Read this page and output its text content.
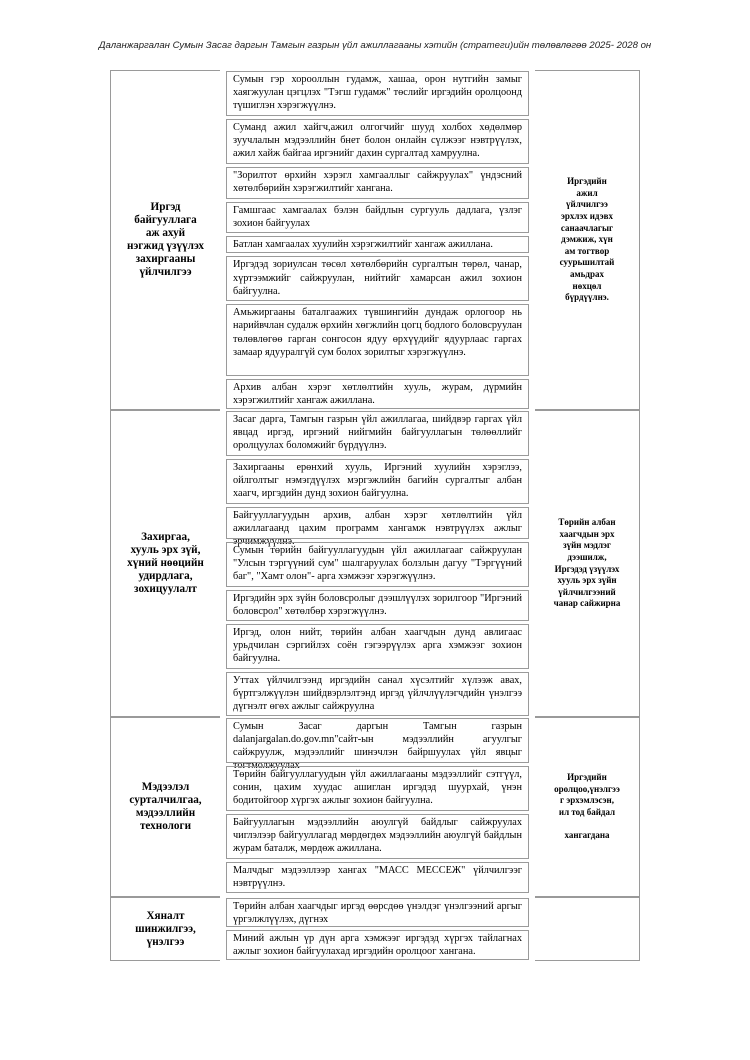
Даланжаргалан Сумын Засаг даргын Тамгын газрын үйл ажиллагааны хэтийн (стратеги)ийн төлөвлөгөө 2025- 2028 он
Иргэд
байгууллага
аж ахуй
нэгжид үзүүлэх
захиргааны
үйлчилгээ
Сумын гэр хорооллын гудамж, хашаа, орон нутгийн замыг хаягжуулан цэгцлэх "Тэгш гудамж" төслийг иргэдийн оролцоонд түшиглэн хэрэгжүүлнэ.
Суманд ажил хайгч,ажил олгогчийг шууд холбох хөдөлмөр зуучлалын мэдээллийн бнет болон онлайн сүлжээг нэвтрүүлэх, ажил хайж байгаа иргэнийг дахин сургалтад хамруулна.
"Зорилтот өрхийн хэрэгл хамгааллыг сайжруулах" үндэсний хөтөлбөрийн хэрэгжилтийг хангана.
Гамшгаас хамгаалах бэлэн байдлын сургууль дадлага, үзлэг зохион байгуулах
Батлан хамгаалах хуулийн хэрэгжилтийг хангаж ажиллана.
Иргэдэд зориулсан төсөл хөтөлбөрийн сургалтын төрөл, чанар, хүртээмжийг сайжруулан, нийтийг хамарсан ажил зохион байгуулна.
Амьжиргааны баталгаажих түвшингийн дундаж орлогоор нь нарийвчлан судалж өрхийн хөгжлийн цогц бодлого боловсруулан төлөвлөгөө гарган сонгосон ядуу өрхүүдийг ядуурлаас гаргах замаар ядууралгүй сум болох зорилтыг хэрэгжүүлнэ.
Архив албан хэрэг хөтлөлтийн хууль, журам, дүрмийн хэрэгжилтийг хангаж ажиллана.
Иргэдийн
ажил
үйлчилгээ
эрхлэх идэвх
санаачлагыг
дэмжиж, хүн
ам тогтвор
суурьшилтай
амьдрах
нөхцөл
бүрдүүлнэ.
Захиргаа,
хууль эрх зүй,
хүний нөөцийн
удирдлага,
зохицуулалт
Засаг дарга, Тамгын газрын үйл ажиллагаа, шийдвэр гаргах үйл явцад иргэд, иргэний нийгмийн байгууллагын төлөөллийг оролцуулах боломжийг бүрдүүлнэ.
Захиргааны ерөнхий хууль, Иргэний хуулийн хэрэглээ, ойлголтыг нэмэгдүүлэх мэргэжлийн багийн сургалтыг албан хаагч, иргэдийн дунд зохион байгуулна.
Байгууллагуудын архив, албан хэрэг хөтлөлтийн үйл ажиллагаанд цахим программ хангамж нэвтрүүлэх ажлыг эрчимжүүлнэ.
Сумын төрийн байгууллагуудын үйл ажиллагааг сайжруулан "Улсын тэргүүний сум" шалгаруулах болзлын дагуу "Тэргүүний баг", "Хамт олон"- арга хэмжээг хэрэгжүүлнэ.
Иргэдийн эрх зүйн боловсролыг дээшлүүлэх зорилгоор "Иргэний боловсрол" хөтөлбөр хэрэгжүүлнэ.
Иргэд, олон нийт, төрийн албан хаагчдын дунд авлигаас урьдчилан сэргийлэх соён гэгээрүүлэх арга хэмжээг зохион байгуулна.
Уттах үйлчилгээнд иргэдийн санал хүсэлтийг хүлээж авах, бүртгэлжүүлэн шийдвэрлэлтэнд иргэд үйлчлүүлэгчдийн үнэлгээ дүгнэлт өгөх ажлыг сайжруулна
Төрийн албан
хаагчдын эрх
зүйн мэдлэг
дээшилж,
Иргэдэд үзүүлэх
хууль эрх зүйн
үйлчилгээний
чанар сайжирна
Мэдээлэл
сурталчилгаа,
мэдээллийн
технологи
Сумын Засаг даргын Тамгын газрын dalanjargalan.do.gov.mn"сайт-ын мэдээллийн агуулгыг сайжруулж, мэдээллийг шинэчлэн байршуулах үйл явцыг тогтмолжуулах
Төрийн байгууллагуудын үйл ажиллагааны мэдээллийг сэтгүүл, сонин, цахим хуудас ашиглан иргэдэд шуурхай, үнэн бодитойгоор хүргэх ажлыг зохион байгуулна.
Байгууллагын мэдээллийн аюулгүй байдлыг сайжруулах чиглэлээр байгууллагад мөрдөгдөх мэдээллийн аюулгүй байдлын журам баталж, мөрдөж ажиллана.
Малчдыг мэдээллээр хангах "МАСС МЕССЕЖ" үйлчилгээг нэвтрүүлнэ.
Иргэдийн
оролцоо,үнэлгээ
г эрхэмлэсэн,
ил тод байдал

хангагдана
Хяналт
шинжилгээ,
үнэлгээ
Төрийн албан хаагчдыг иргэд өөрсдөө үнэлдэг үнэлгээний аргыг үргэлжлүүлэх, дүгнэх
Миний ажлын үр дүн арга хэмжээг иргэдэд хүргэх тайлагнах ажлыг зохион байгуулахад иргэдийн оролцоог хангана.
